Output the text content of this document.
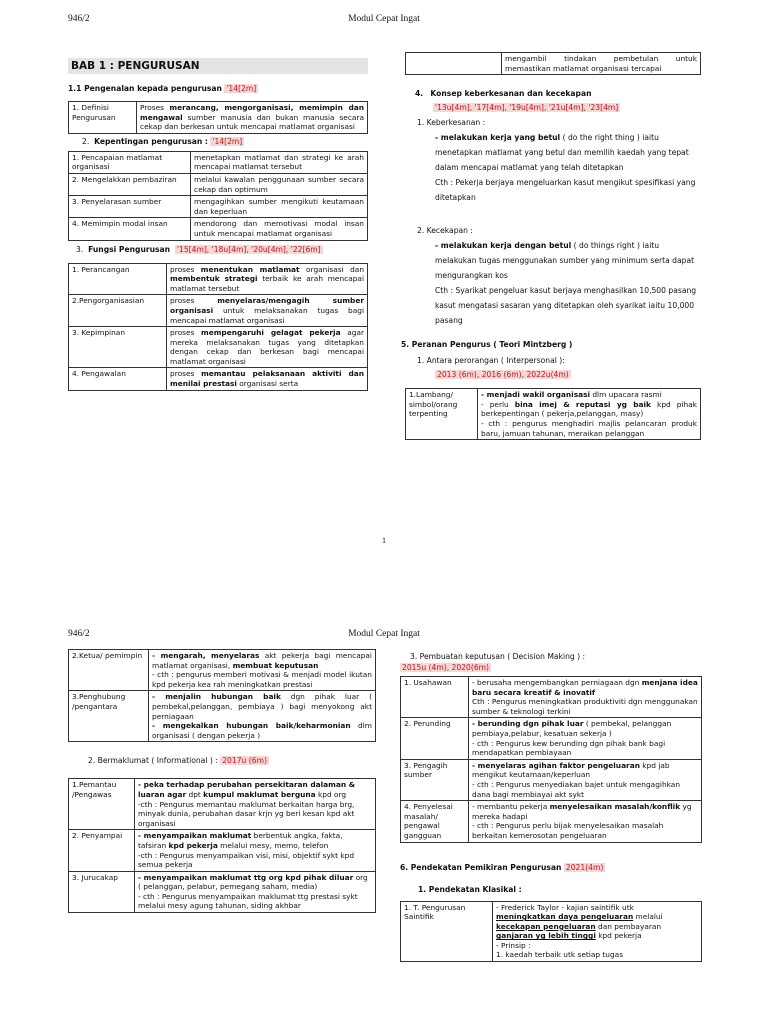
946/2	Modul Cepat Ingat
BAB 1 : PENGURUSAN
1.1 Pengenalan kepada pengurusan '14[2m]
1. Definisi Pengurusan	Proses merancang, mengorganisasi, memimpin dan mengawal sumber manusia dan bukan manusia secara cekap dan berkesan untuk mencapai matlamat organisasi
2. Kepentingan pengurusan : '14[2m]
1. Pencapaian matlamat organisasi	menetapkan matlamat dan strategi ke arah mencapai matlamat tersebut
2. Mengelakkan pembaziran	melalui kawalan penggunaan sumber secara cekap dan optimum
3. Penyelarasan sumber	mengagihkan sumber mengikuti keutamaan dan keperluan
4. Memimpin modal insan	mendorong dan memotivasi modal insan untuk mencapai matlamat organisasi
3. Fungsi Pengurusan '15[4m], '18u[4m], '20u[4m], '22[6m]
1. Perancangan	proses menentukan matlamat organisasi dan membentuk strategi terbaik ke arah mencapai matlamat tersebut
2.Pengorganisasian	proses menyelaras/mengagih sumber organisasi untuk melaksanakan tugas bagi mencapai matlamat organisasi
3. Kepimpinan	proses mempengaruhi gelagat pekerja agar mereka melaksanakan tugas yang ditetapkan dengan cekap dan berkesan bagi mencapai matlamat organisasi
4. Pengawalan	proses memantau pelaksanaan aktiviti dan menilai prestasi organisasi serta
	mengambil tindakan pembetulan untuk memastikan matlamat organisasi tercapai
4. Konsep keberkesanan dan kecekapan
'13u[4m], '17[4m], '19u[4m], '21u[4m], '23[4m]
1. Keberkesanan :
- melakukan kerja yang betul ( do the right thing ) iaitu menetapkan matlamat yang betul dan memilih kaedah yang tepat dalam mencapai matlamat yang telah ditetapkan
Cth : Pekerja berjaya mengeluarkan kasut mengikut spesifikasi yang ditetapkan
2. Kecekapan :
- melakukan kerja dengan betul ( do things right ) iaitu melakukan tugas menggunakan sumber yang minimum serta dapat mengurangkan kos
Cth : Syarikat pengeluar kasut berjaya menghasilkan 10,500 pasang kasut mengatasi sasaran yang ditetapkan oleh syarikat iaitu 10,000 pasang
5. Peranan Pengurus ( Teori Mintzberg )
1. Antara perorangan ( Interpersonal ):
2013 (6m), 2016 (6m), 2022u(4m)
1.Lambang/ simbol/orang terpenting	- menjadi wakil organisasi dlm upacara rasmi
- perlu bina imej & reputasi yg baik kpd pihak berkepentingan ( pekerja,pelanggan, masy)
- cth : pengurus menghadiri majlis pelancaran produk baru, jamuan tahunan, meraikan pelanggan
1
946/2	Modul Cepat Ingat
2.Ketua/ pemimpin	- mengarah, menyelaras akt pekerja bagi mencapai matlamat organisasi, membuat keputusan
- cth : pengurus memberi motivasi & menjadi model ikutan kpd pekerja kea rah meningkatkan prestasi
3.Penghubung /pengantara	- menjalin hubungan baik dgn pihak luar ( pembekal,pelanggan, pembiaya ) bagi menyokong akt perniagaan
- mengekalkan hubungan baik/keharmonian dlm organisasi ( dengan pekerja )
2. Bermaklumat ( Informational ) : 2017u (6m)
1.Pemantau /Pengawas	- peka terhadap perubahan persekitaran dalaman & luaran agar dpt kumpul maklumat berguna kpd org
-cth : Pengurus memantau maklumat berkaitan harga brg, minyak dunia, perubahan dasar krjn yg beri kesan kpd akt organisasi
2. Penyampai	- menyampaikan maklumat berbentuk angka, fakta, tafsiran kpd pekerja melalui mesy, memo, telefon
-cth : Pengurus menyampaikan visi, misi, objektif sykt kpd semua pekerja
3. Jurucakap	- menyampaikan maklumat ttg org kpd pihak diluar org ( pelanggan, pelabur, pemegang saham, media)
- cth : Pengurus menyampaikan maklumat ttg prestasi sykt melalui mesy agung tahunan, siding akhbar
3. Pembuatan keputusan ( Decision Making ) :
2015u (4m), 2020(6m)
1. Usahawan	- berusaha mengembangkan perniagaan dgn menjana idea baru secara kreatif & inovatif
Cth : Pengurus meningkatkan produktiviti dgn menggunakan sumber & teknologi terkini
2. Perunding	- berunding dgn pihak luar ( pembekal, pelanggan pembiaya,pelabur, kesatuan sekerja )
- cth : Pengurus kew berunding dgn pihak bank bagi mendapatkan pembiayaan
3. Pengagih sumber	- menyelaras agihan faktor pengeluaran kpd jab mengikut keutamaan/keperluan
- cth : Pengurus menyediakan bajet untuk mengagihkan dana bagi membiayai akt sykt
4. Penyelesai masalah/ pengawal gangguan	- membantu pekerja menyelesaikan masalah/konflik yg mereka hadapi
- cth : Pengurus perlu bijak menyelesaikan masalah berkaitan kemerosotan pengeluaran
6. Pendekatan Pemikiran Pengurusan 2021(4m)
1. Pendekatan Klasikal :
1. T. Pengurusan Saintifik	- Frederick Taylor - kajian saintifik utk
meningkatkan daya pengeluaran melalui
kecekapan pengeluaran dan pembayaran
ganjaran yg lebih tinggi kpd pekerja
- Prinsip :
1. kaedah terbaik utk setiap tugas
